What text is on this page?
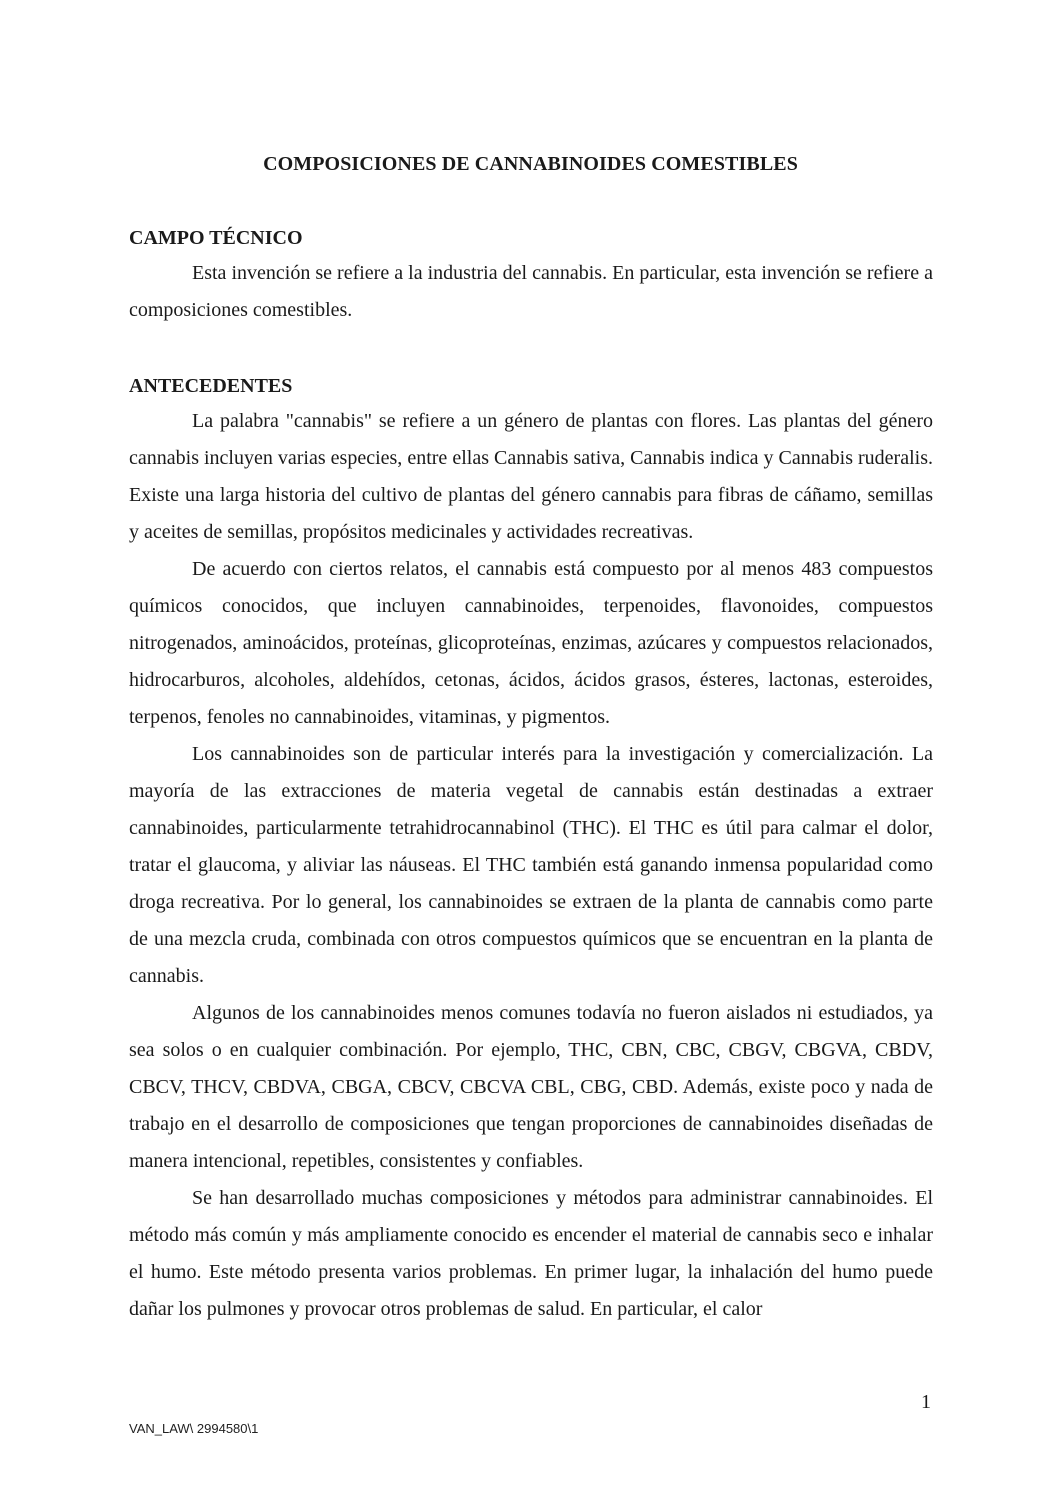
COMPOSICIONES DE CANNABINOIDES COMESTIBLES
CAMPO TÉCNICO

Esta invención se refiere a la industria del cannabis. En particular, esta invención se refiere a composiciones comestibles.

ANTECEDENTES

La palabra "cannabis" se refiere a un género de plantas con flores. Las plantas del género cannabis incluyen varias especies, entre ellas Cannabis sativa, Cannabis indica y Cannabis ruderalis. Existe una larga historia del cultivo de plantas del género cannabis para fibras de cáñamo, semillas y aceites de semillas, propósitos medicinales y actividades recreativas.

De acuerdo con ciertos relatos, el cannabis está compuesto por al menos 483 compuestos químicos conocidos, que incluyen cannabinoides, terpenoides, flavonoides, compuestos nitrogenados, aminoácidos, proteínas, glicoproteínas, enzimas, azúcares y compuestos relacionados, hidrocarburos, alcoholes, aldehídos, cetonas, ácidos, ácidos grasos, ésteres, lactonas, esteroides, terpenos, fenoles no cannabinoides, vitaminas, y pigmentos.

Los cannabinoides son de particular interés para la investigación y comercialización. La mayoría de las extracciones de materia vegetal de cannabis están destinadas a extraer cannabinoides, particularmente tetrahidrocannabinol (THC). El THC es útil para calmar el dolor, tratar el glaucoma, y aliviar las náuseas. El THC también está ganando inmensa popularidad como droga recreativa. Por lo general, los cannabinoides se extraen de la planta de cannabis como parte de una mezcla cruda, combinada con otros compuestos químicos que se encuentran en la planta de cannabis.

Algunos de los cannabinoides menos comunes todavía no fueron aislados ni estudiados, ya sea solos o en cualquier combinación. Por ejemplo, THC, CBN, CBC, CBGV, CBGVA, CBDV, CBCV, THCV, CBDVA, CBGA, CBCV, CBCVA CBL, CBG, CBD. Además, existe poco y nada de trabajo en el desarrollo de composiciones que tengan proporciones de cannabinoides diseñadas de manera intencional, repetibles, consistentes y confiables.

Se han desarrollado muchas composiciones y métodos para administrar cannabinoides. El método más común y más ampliamente conocido es encender el material de cannabis seco e inhalar el humo. Este método presenta varios problemas. En primer lugar, la inhalación del humo puede dañar los pulmones y provocar otros problemas de salud. En particular, el calor

1
VAN_LAW\ 2994580\1
